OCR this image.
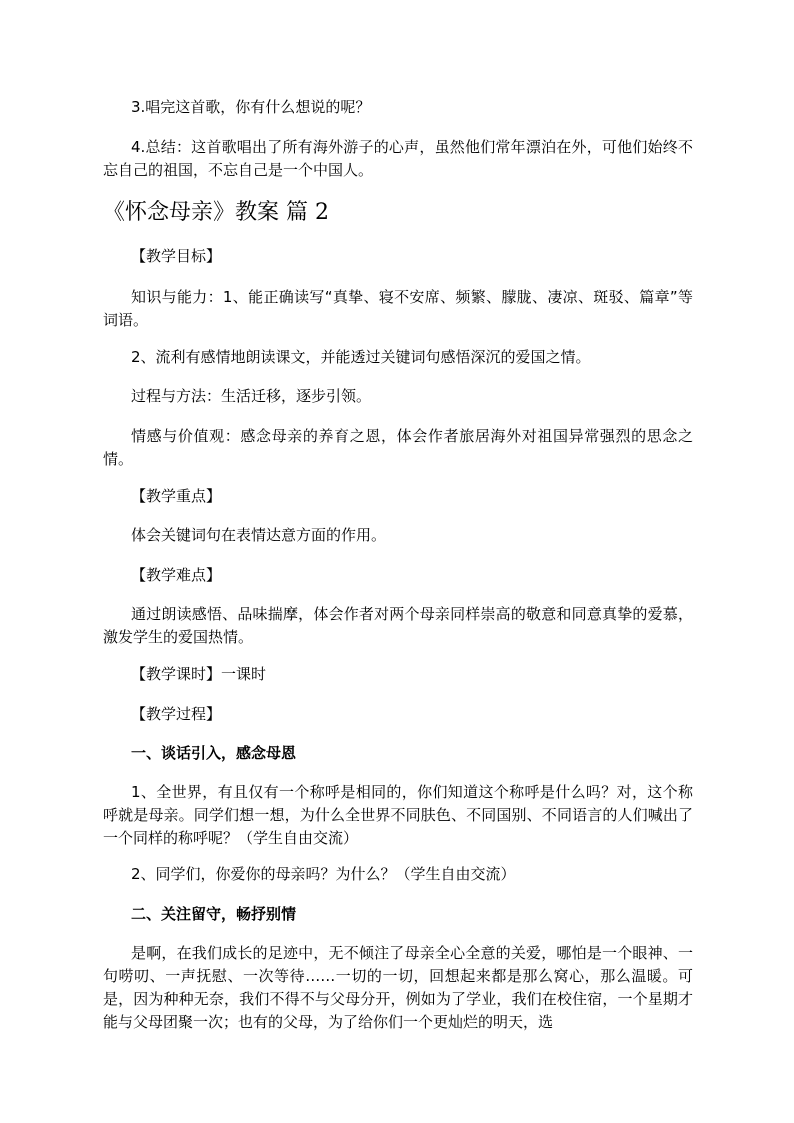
3.唱完这首歌，你有什么想说的呢？

4.总结：这首歌唱出了所有海外游子的心声，虽然他们常年漂泊在外，可他们始终不忘自己的祖国，不忘自己是一个中国人。

《怀念母亲》教案 篇 2

【教学目标】

知识与能力：1、能正确读写“真挚、寝不安席、频繁、朦胧、凄凉、斑驳、篇章”等词语。

2、流利有感情地朗读课文，并能透过关键词句感悟深沉的爱国之情。

过程与方法：生活迁移，逐步引领。

情感与价值观：感念母亲的养育之恩，体会作者旅居海外对祖国异常强烈的思念之情。

【教学重点】

体会关键词句在表情达意方面的作用。

【教学难点】

通过朗读感悟、品味揣摩，体会作者对两个母亲同样崇高的敬意和同意真挚的爱慕，激发学生的爱国热情。

【教学课时】一课时

【教学过程】

一、谈话引入，感念母恩

1、全世界，有且仅有一个称呼是相同的，你们知道这个称呼是什么吗？对，这个称呼就是母亲。同学们想一想，为什么全世界不同肤色、不同国别、不同语言的人们喊出了一个同样的称呼呢？（学生自由交流）

2、同学们，你爱你的母亲吗？为什么？（学生自由交流）

二、关注留守，畅抒别情

是啊，在我们成长的足迹中，无不倾注了母亲全心全意的关爱，哪怕是一个眼神、一句唠叨、一声抚慰、一次等待……一切的一切，回想起来都是那么窝心，那么温暖。可是，因为种种无奈，我们不得不与父母分开，例如为了学业，我们在校住宿，一个星期才能与父母团聚一次；也有的父母，为了给你们一个更灿烂的明天，选
